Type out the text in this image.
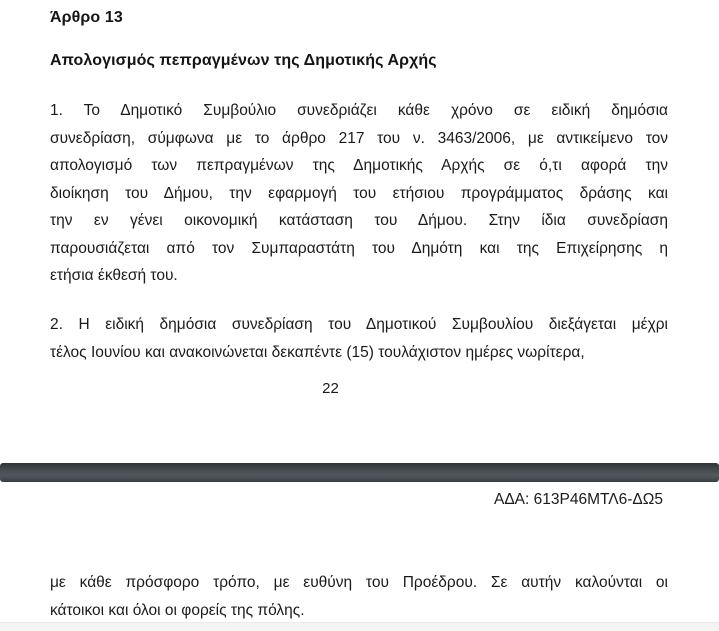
Άρθρο 13
Απολογισμός πεπραγμένων της Δημοτικής Αρχής
1. Το Δημοτικό Συμβούλιο συνεδριάζει κάθε χρόνο σε ειδική δημόσια
συνεδρίαση, σύμφωνα με το άρθρο 217 του ν. 3463/2006, με αντικείμενο τον
απολογισμό των πεπραγμένων της Δημοτικής Αρχής σε ό,τι αφορά την
διοίκηση του Δήμου, την εφαρμογή του ετήσιου προγράμματος δράσης και
την εν γένει οικονομική κατάσταση του Δήμου. Στην ίδια συνεδρίαση
παρουσιάζεται από τον Συμπαραστάτη του Δημότη και της Επιχείρησης η
ετήσια έκθεσή του.
2. Η ειδική δημόσια συνεδρίαση του Δημοτικού Συμβουλίου διεξάγεται μέχρι
τέλος Ιουνίου και ανακοινώνεται δεκαπέντε (15) τουλάχιστον ημέρες νωρίτερα,
22
ΑΔΑ: 613Ρ46ΜΤΛ6-ΔΩ5
με κάθε πρόσφορο τρόπο, με ευθύνη του Προέδρου. Σε αυτήν καλούνται οι
κάτοικοι και όλοι οι φορείς της πόλης.
